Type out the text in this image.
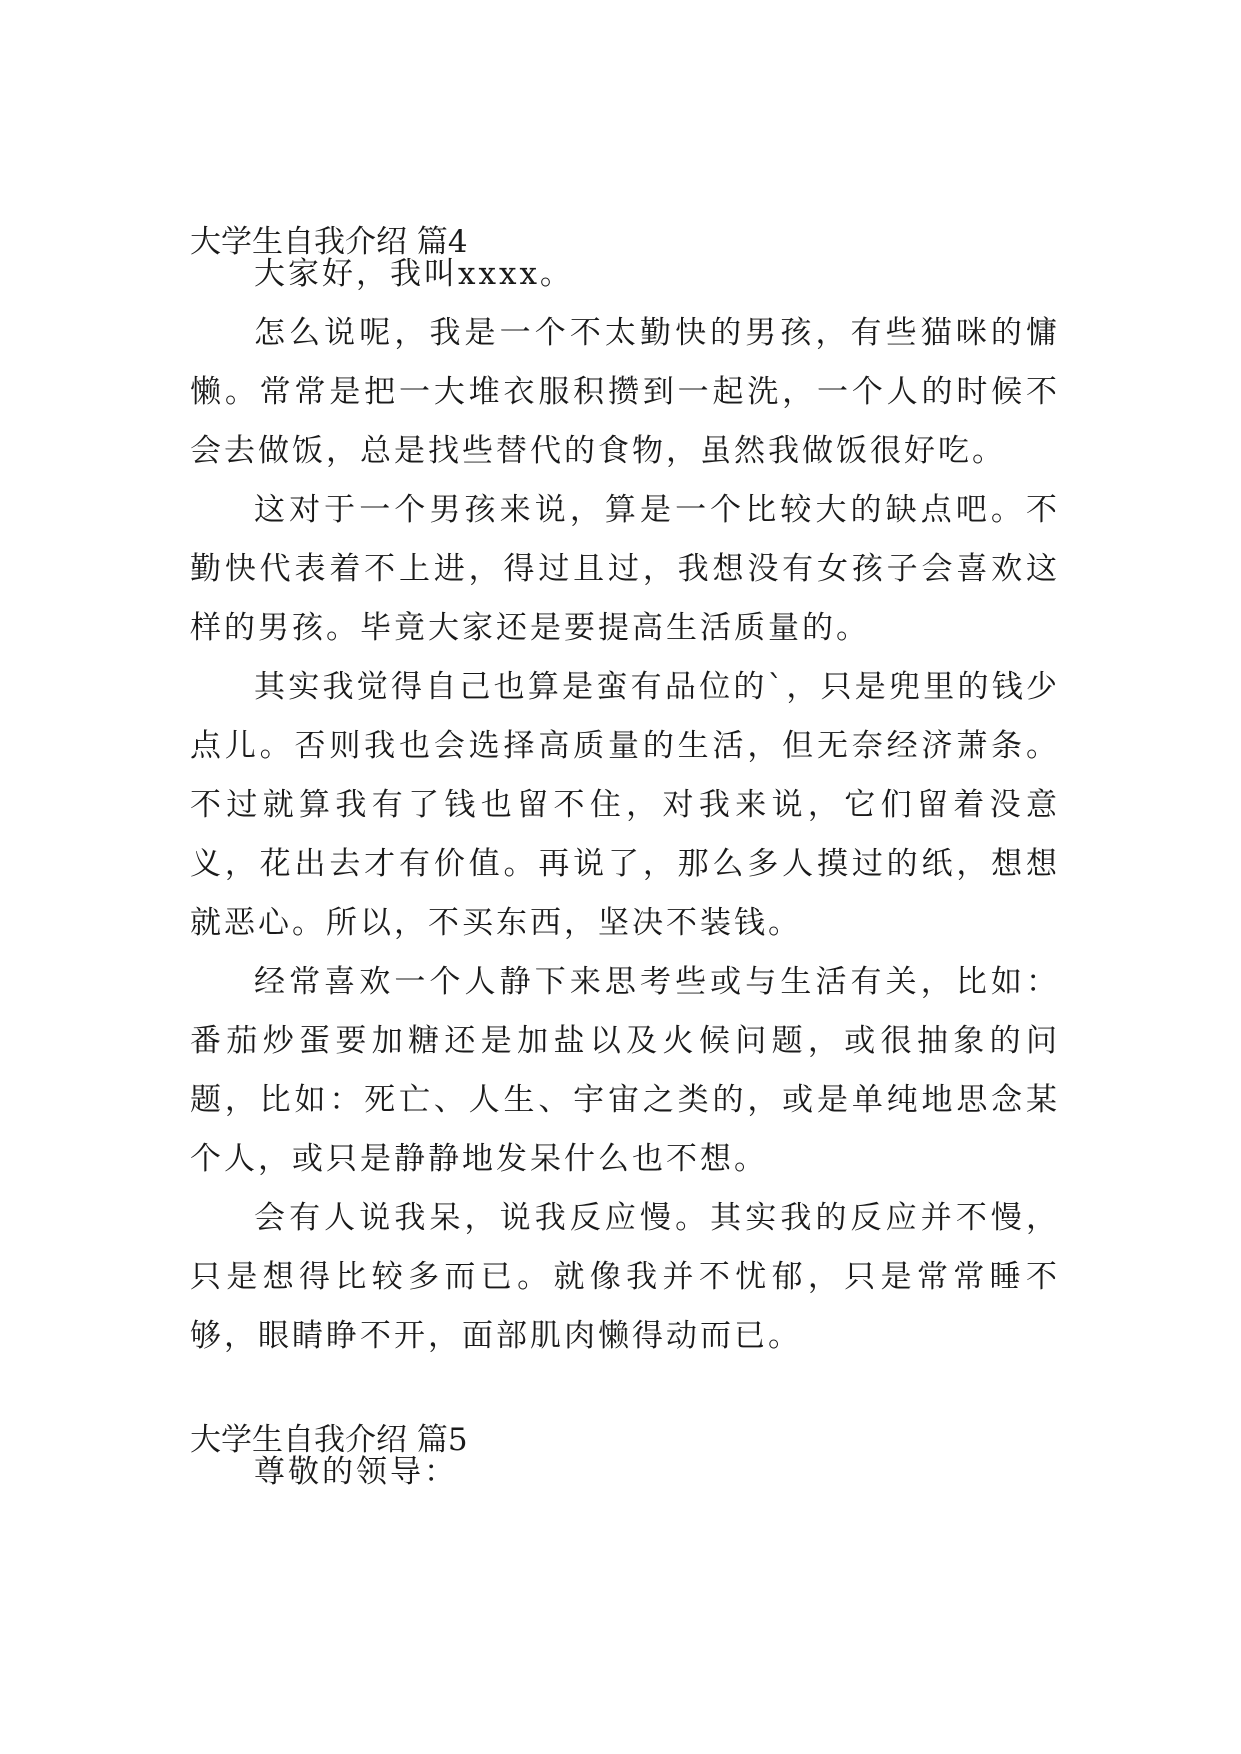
大学生自我介绍 篇4

大家好，我叫xxxx。

怎么说呢，我是一个不太勤快的男孩，有些猫咪的慵懒。常常是把一大堆衣服积攒到一起洗，一个人的时候不会去做饭，总是找些替代的食物，虽然我做饭很好吃。

这对于一个男孩来说，算是一个比较大的缺点吧。不勤快代表着不上进，得过且过，我想没有女孩子会喜欢这样的男孩。毕竟大家还是要提高生活质量的。

其实我觉得自己也算是蛮有品位的`，只是兜里的钱少点儿。否则我也会选择高质量的生活，但无奈经济萧条。不过就算我有了钱也留不住，对我来说，它们留着没意义，花出去才有价值。再说了，那么多人摸过的纸，想想就恶心。所以，不买东西，坚决不装钱。

经常喜欢一个人静下来思考些或与生活有关，比如：番茄炒蛋要加糖还是加盐以及火候问题，或很抽象的问题，比如：死亡、人生、宇宙之类的，或是单纯地思念某个人，或只是静静地发呆什么也不想。

会有人说我呆，说我反应慢。其实我的反应并不慢，只是想得比较多而已。就像我并不忧郁，只是常常睡不够，眼睛睁不开，面部肌肉懒得动而已。

大学生自我介绍 篇5

尊敬的领导：
